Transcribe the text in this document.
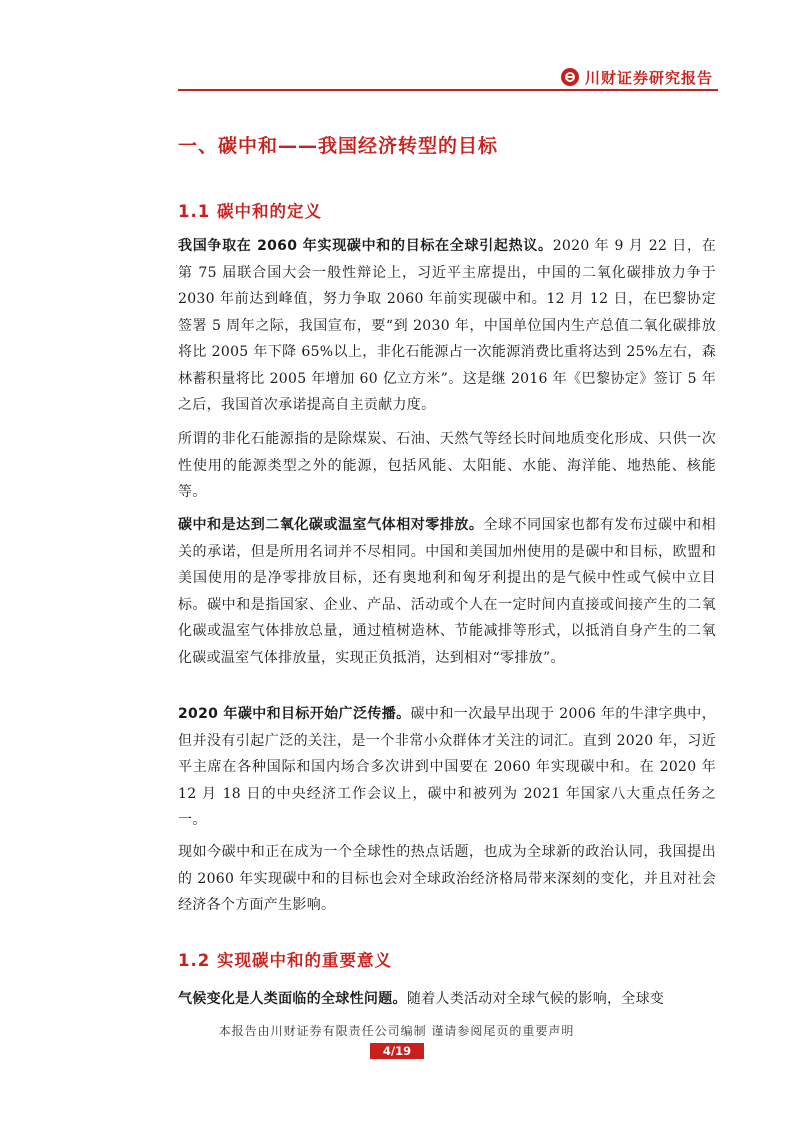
川财证券研究报告
一、碳中和——我国经济转型的目标
1.1 碳中和的定义

我国争取在 2060 年实现碳中和的目标在全球引起热议。2020 年 9 月 22 日，在第 75 届联合国大会一般性辩论上，习近平主席提出，中国的二氧化碳排放力争于 2030 年前达到峰值，努力争取 2060 年前实现碳中和。12 月 12 日，在巴黎协定签署 5 周年之际，我国宣布，要“到 2030 年，中国单位国内生产总值二氧化碳排放将比 2005 年下降 65%以上，非化石能源占一次能源消费比重将达到 25%左右，森林蓄积量将比 2005 年增加 60 亿立方米”。这是继 2016 年《巴黎协定》签订 5 年之后，我国首次承诺提高自主贡献力度。

所谓的非化石能源指的是除煤炭、石油、天然气等经长时间地质变化形成、只供一次性使用的能源类型之外的能源，包括风能、太阳能、水能、海洋能、地热能、核能等。

碳中和是达到二氧化碳或温室气体相对零排放。全球不同国家也都有发布过碳中和相关的承诺，但是所用名词并不尽相同。中国和美国加州使用的是碳中和目标，欧盟和美国使用的是净零排放目标，还有奥地利和匈牙利提出的是气候中性或气候中立目标。碳中和是指国家、企业、产品、活动或个人在一定时间内直接或间接产生的二氧化碳或温室气体排放总量，通过植树造林、节能减排等形式，以抵消自身产生的二氧化碳或温室气体排放量，实现正负抵消，达到相对“零排放”。

2020 年碳中和目标开始广泛传播。碳中和一次最早出现于 2006 年的牛津字典中，但并没有引起广泛的关注，是一个非常小众群体才关注的词汇。直到 2020 年，习近平主席在各种国际和国内场合多次讲到中国要在 2060 年实现碳中和。在 2020 年 12 月 18 日的中央经济工作会议上，碳中和被列为 2021 年国家八大重点任务之一。

现如今碳中和正在成为一个全球性的热点话题，也成为全球新的政治认同，我国提出的 2060 年实现碳中和的目标也会对全球政治经济格局带来深刻的变化，并且对社会经济各个方面产生影响。

1.2 实现碳中和的重要意义

气候变化是人类面临的全球性问题。随着人类活动对全球气候的影响，全球变

本报告由川财证券有限责任公司编制 谨请参阅尾页的重要声明
4/19
